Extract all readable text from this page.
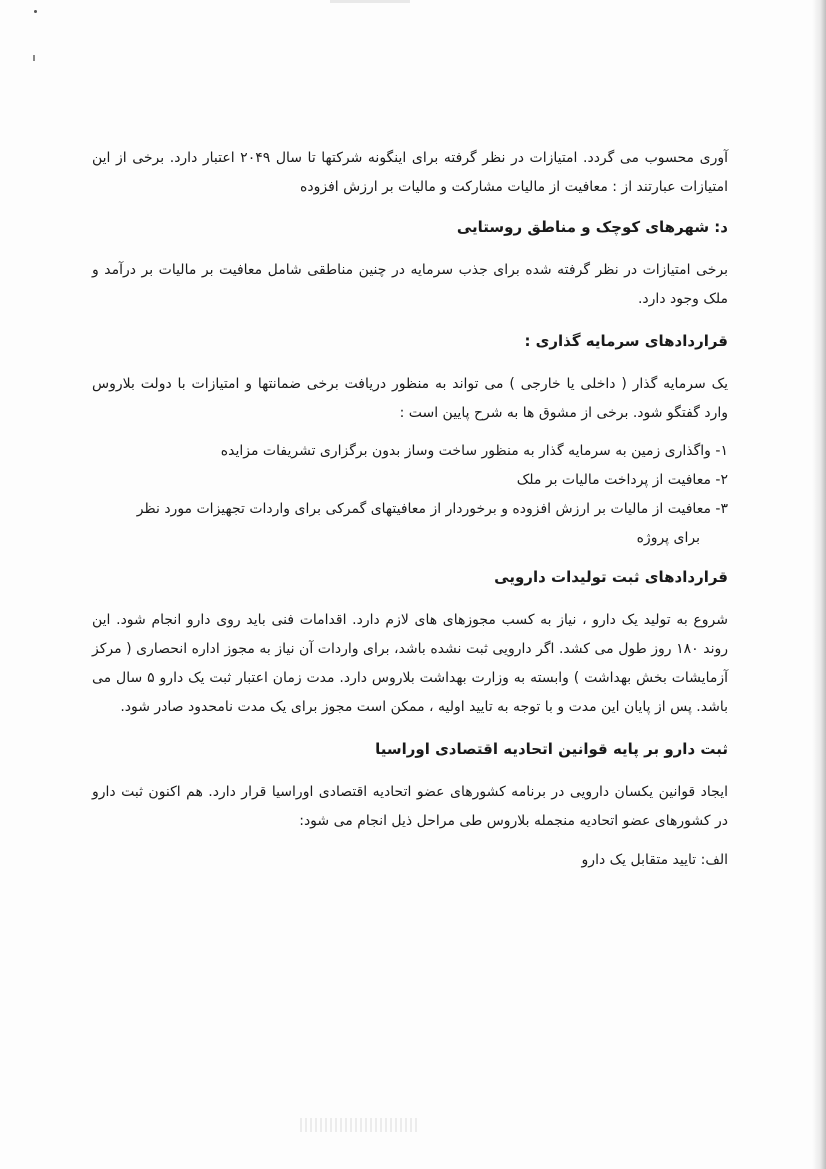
آوری محسوب می گردد. امتیازات در نظر گرفته برای اینگونه شرکتها تا سال ۲۰۴۹ اعتبار دارد. برخی از این امتیازات عبارتند از : معافیت از مالیات مشارکت و مالیات بر ارزش افزوده

د: شهرهای کوچک و مناطق روستایی

برخی امتیازات در نظر گرفته شده برای جذب سرمایه در چنین مناطقی شامل معافیت بر مالیات بر درآمد و ملک وجود دارد.

قراردادهای سرمایه گذاری :

یک سرمایه گذار ( داخلی یا خارجی ) می تواند به منظور دریافت برخی ضمانتها و امتیازات با دولت بلاروس وارد گفتگو شود. برخی از مشوق ها به شرح پایین است :

۱- واگذاری زمین به سرمایه گذار به منظور ساخت وساز بدون برگزاری تشریفات مزایده
۲- معافیت از پرداخت مالیات بر ملک
۳- معافیت از مالیات بر ارزش افزوده و برخوردار از معافیتهای گمرکی برای واردات تجهیزات مورد نظر
برای پروژه

قراردادهای ثبت تولیدات دارویی

شروع به تولید یک دارو ، نیاز به کسب مجوزهای های لازم دارد. اقدامات فنی باید روی دارو انجام شود. این روند ۱۸۰ روز طول می کشد. اگر دارویی ثبت نشده باشد، برای واردات آن نیاز به مجوز اداره انحصاری ( مرکز آزمایشات بخش بهداشت ) وابسته به وزارت بهداشت بلاروس دارد. مدت زمان اعتبار ثبت یک دارو ۵ سال می باشد. پس از پایان این مدت و با توجه به تایید اولیه ، ممکن است مجوز برای یک مدت نامحدود صادر شود.

ثبت دارو بر پایه قوانین اتحادیه اقتصادی اوراسیا

ایجاد قوانین یکسان دارویی در برنامه کشورهای عضو اتحادیه اقتصادی اوراسیا قرار دارد. هم اکنون ثبت دارو در کشورهای عضو اتحادیه منجمله بلاروس طی مراحل ذیل انجام می شود:

الف: تایید متقابل یک دارو
